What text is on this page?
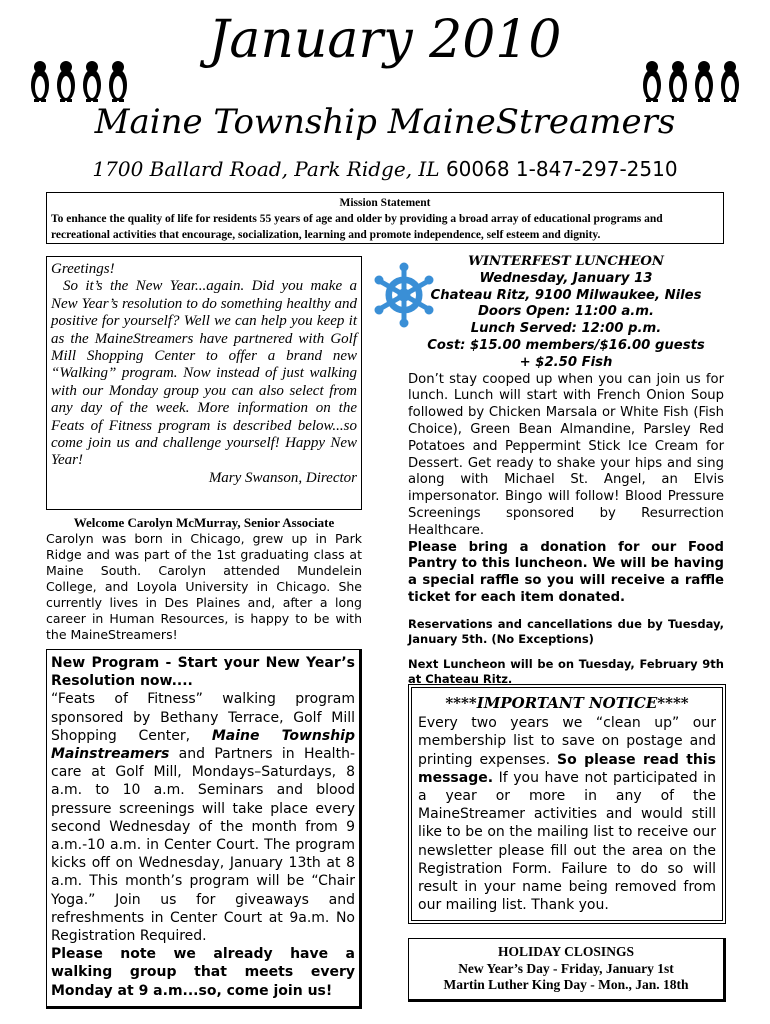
January 2010
Maine Township MaineStreamers
1700 Ballard Road, Park Ridge, IL 60068 1-847-297-2510
Mission Statement
To enhance the quality of life for residents 55 years of age and older by providing a broad array of educational programs and recreational activities that encourage, socialization, learning and promote independence, self esteem and dignity.
Greetings!
So it’s the New Year...again. Did you make a New Year’s resolution to do something healthy and positive for yourself? Well we can help you keep it as the MaineStreamers have partnered with Golf Mill Shopping Center to offer a brand new “Walking” program. Now instead of just walking with our Monday group you can also select from any day of the week. More information on the Feats of Fitness program is described below...so come join us and challenge yourself! Happy New Year!
Mary Swanson, Director
Welcome Carolyn McMurray, Senior Associate
Carolyn was born in Chicago, grew up in Park Ridge and was part of the 1st graduating class at Maine South. Carolyn attended Mundelein College, and Loyola University in Chicago. She currently lives in Des Plaines and, after a long career in Human Resources, is happy to be with the MaineStreamers!
New Program - Start your New Year’s Resolution now....
“Feats of Fitness” walking program sponsored by Bethany Terrace, Golf Mill Shopping Center, Maine Township Mainstreamers and Partners in Health-care at Golf Mill, Mondays–Saturdays, 8 a.m. to 10 a.m. Seminars and blood pressure screenings will take place every second Wednesday of the month from 9 a.m.-10 a.m. in Center Court. The program kicks off on Wednesday, January 13th at 8 a.m. This month’s program will be “Chair Yoga.” Join us for giveaways and refreshments in Center Court at 9a.m. No Registration Required.
Please note we already have a walking group that meets every Monday at 9 a.m...so, come join us!
WINTERFEST LUNCHEON
Wednesday, January 13
Chateau Ritz, 9100 Milwaukee, Niles
Doors Open: 11:00 a.m.
Lunch Served: 12:00 p.m.
Cost: $15.00 members/$16.00 guests
+ $2.50 Fish
Don’t stay cooped up when you can join us for lunch. Lunch will start with French Onion Soup followed by Chicken Marsala or White Fish (Fish Choice), Green Bean Almandine, Parsley Red Potatoes and Peppermint Stick Ice Cream for Dessert. Get ready to shake your hips and sing along with Michael St. Angel, an Elvis impersonator. Bingo will follow! Blood Pressure Screenings sponsored by Resurrection Healthcare.
Please bring a donation for our Food Pantry to this luncheon. We will be having a special raffle so you will receive a raffle ticket for each item donated.
Reservations and cancellations due by Tuesday, January 5th. (No Exceptions)
Next Luncheon will be on Tuesday, February 9th at Chateau Ritz.
****IMPORTANT NOTICE****
Every two years we “clean up” our membership list to save on postage and printing expenses. So please read this message. If you have not participated in a year or more in any of the MaineStreamer activities and would still like to be on the mailing list to receive our newsletter please fill out the area on the Registration Form. Failure to do so will result in your name being removed from our mailing list. Thank you.
HOLIDAY CLOSINGS
New Year’s Day - Friday, January 1st
Martin Luther King Day - Mon., Jan. 18th
